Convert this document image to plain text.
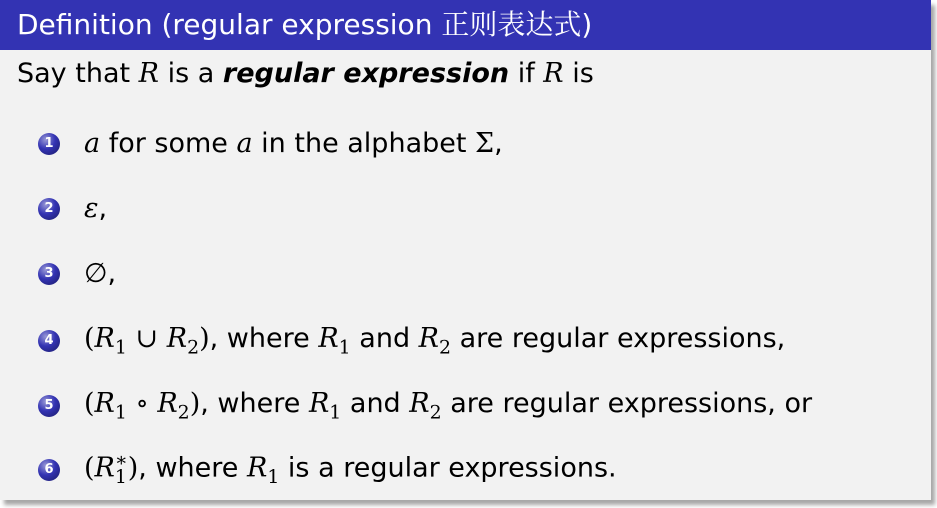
Definition (regular expression 正则表达式)
Say that R is a regular expression if R is
1 a for some a in the alphabet Σ,
2 ε,
3 ∅,
4 ($R_1$ ∪ $R_2$), where $R_1$ and $R_2$ are regular expressions,
5 ($R_1$ ∘ $R_2$), where $R_1$ and $R_2$ are regular expressions, or
6 (R ∗
1 ), where $R_1$ is a regular expressions.
